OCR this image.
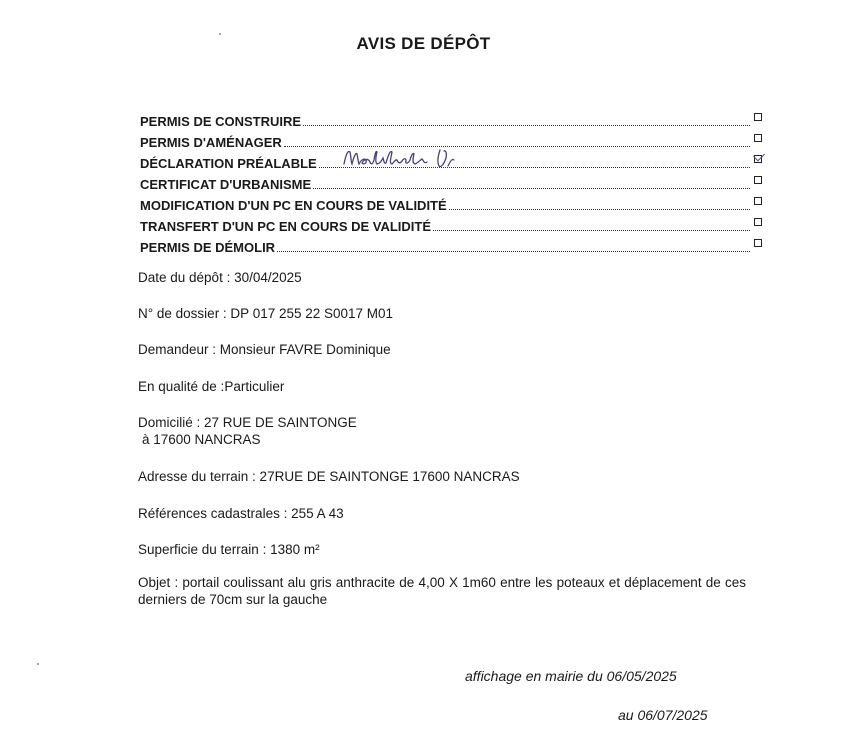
AVIS DE DÉPÔT
PERMIS DE CONSTRUIRE
PERMIS D'AMÉNAGER
DÉCLARATION PRÉALABLE
CERTIFICAT D'URBANISME
MODIFICATION D'UN PC EN COURS DE VALIDITÉ
TRANSFERT D'UN PC EN COURS DE VALIDITÉ
PERMIS DE DÉMOLIR
Date du dépôt : 30/04/2025
N° de dossier : DP 017 255 22 S0017 M01
Demandeur : Monsieur FAVRE Dominique
En qualité de :Particulier
Domicilié : 27 RUE DE SAINTONGE
à 17600 NANCRAS
Adresse du terrain : 27RUE DE SAINTONGE 17600 NANCRAS
Références cadastrales : 255 A 43
Superficie du terrain : 1380 m²
Objet : portail coulissant alu gris anthracite de 4,00 X 1m60 entre les poteaux et déplacement de ces derniers de 70cm sur la gauche
affichage en mairie du 06/05/2025
au 06/07/2025
